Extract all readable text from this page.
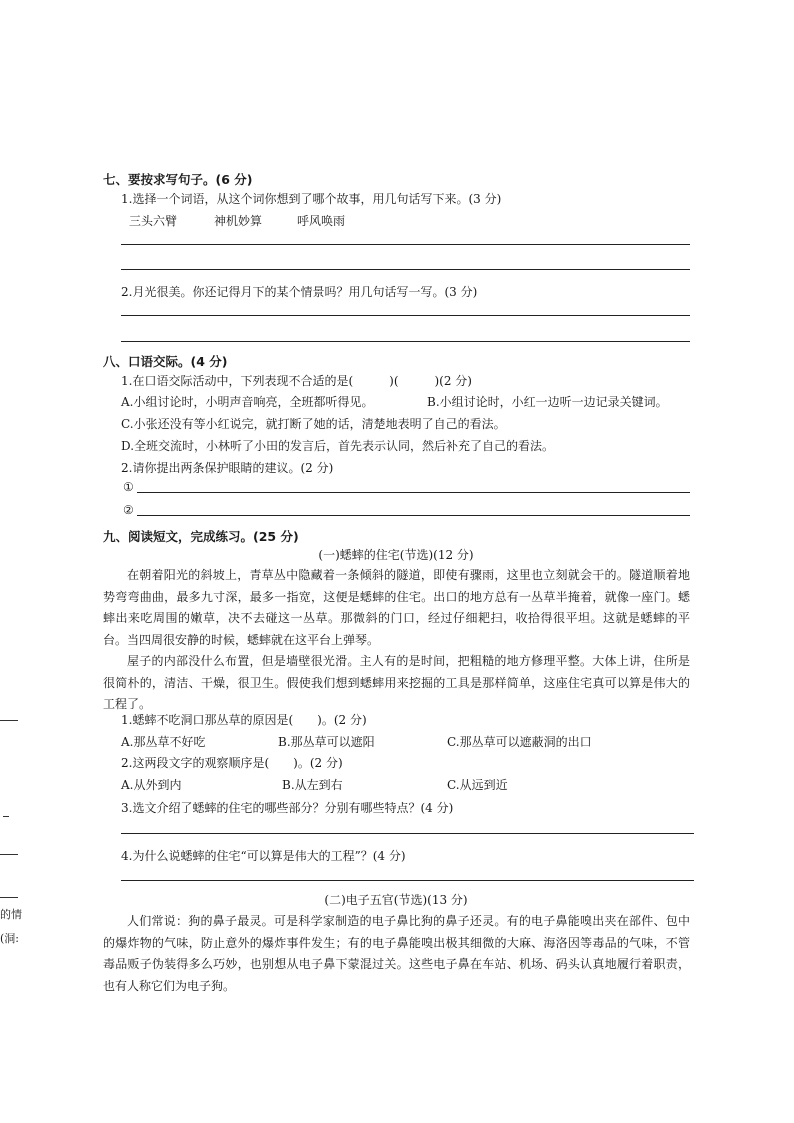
七、要按求写句子。(6 分)
1.选择一个词语，从这个词你想到了哪个故事，用几句话写下来。(3 分)
三头六臂	神机妙算	呼风唤雨
2.月光很美。你还记得月下的某个情景吗？用几句话写一写。(3 分)
八、口语交际。(4 分)
1.在口语交际活动中，下列表现不合适的是(　　　)(　　　)(2 分)
A.小组讨论时，小明声音响亮，全班都听得见。	B.小组讨论时，小红一边听一边记录关键词。
C.小张还没有等小红说完，就打断了她的话，清楚地表明了自己的看法。
D.全班交流时，小林听了小田的发言后，首先表示认同，然后补充了自己的看法。
2.请你提出两条保护眼睛的建议。(2 分)
①
②
九、阅读短文，完成练习。(25 分)
(一)蟋蟀的住宅(节选)(12 分)
在朝着阳光的斜坡上，青草丛中隐藏着一条倾斜的隧道，即使有骤雨，这里也立刻就会干的。隧道顺着地势弯弯曲曲，最多九寸深，最多一指宽，这便是蟋蟀的住宅。出口的地方总有一丛草半掩着，就像一座门。蟋蟀出来吃周围的嫩草，决不去碰这一丛草。那微斜的门口，经过仔细耙扫，收拾得很平坦。这就是蟋蟀的平台。当四周很安静的时候，蟋蟀就在这平台上弹琴。
屋子的内部没什么布置，但是墙壁很光滑。主人有的是时间，把粗糙的地方修理平整。大体上讲，住所是很简朴的，清洁、干燥，很卫生。假使我们想到蟋蟀用来挖掘的工具是那样简单，这座住宅真可以算是伟大的工程了。
1.蟋蟀不吃洞口那丛草的原因是(　　)。(2 分)
A.那丛草不好吃	B.那丛草可以遮阳	C.那丛草可以遮蔽洞的出口
2.这两段文字的观察顺序是(　　)。(2 分)
A.从外到内	B.从左到右	C.从远到近
3.选文介绍了蟋蟀的住宅的哪些部分？分别有哪些特点？(4 分)
4.为什么说蟋蟀的住宅“可以算是伟大的工程”？(4 分)
(二)电子五官(节选)(13 分)
人们常说：狗的鼻子最灵。可是科学家制造的电子鼻比狗的鼻子还灵。有的电子鼻能嗅出夹在部件、包中的爆炸物的气味，防止意外的爆炸事件发生；有的电子鼻能嗅出极其细微的大麻、海洛因等毒品的气味，不管毒品贩子伪装得多么巧妙，也别想从电子鼻下蒙混过关。这些电子鼻在车站、机场、码头认真地履行着职责，也有人称它们为电子狗。
的情
(洞:
